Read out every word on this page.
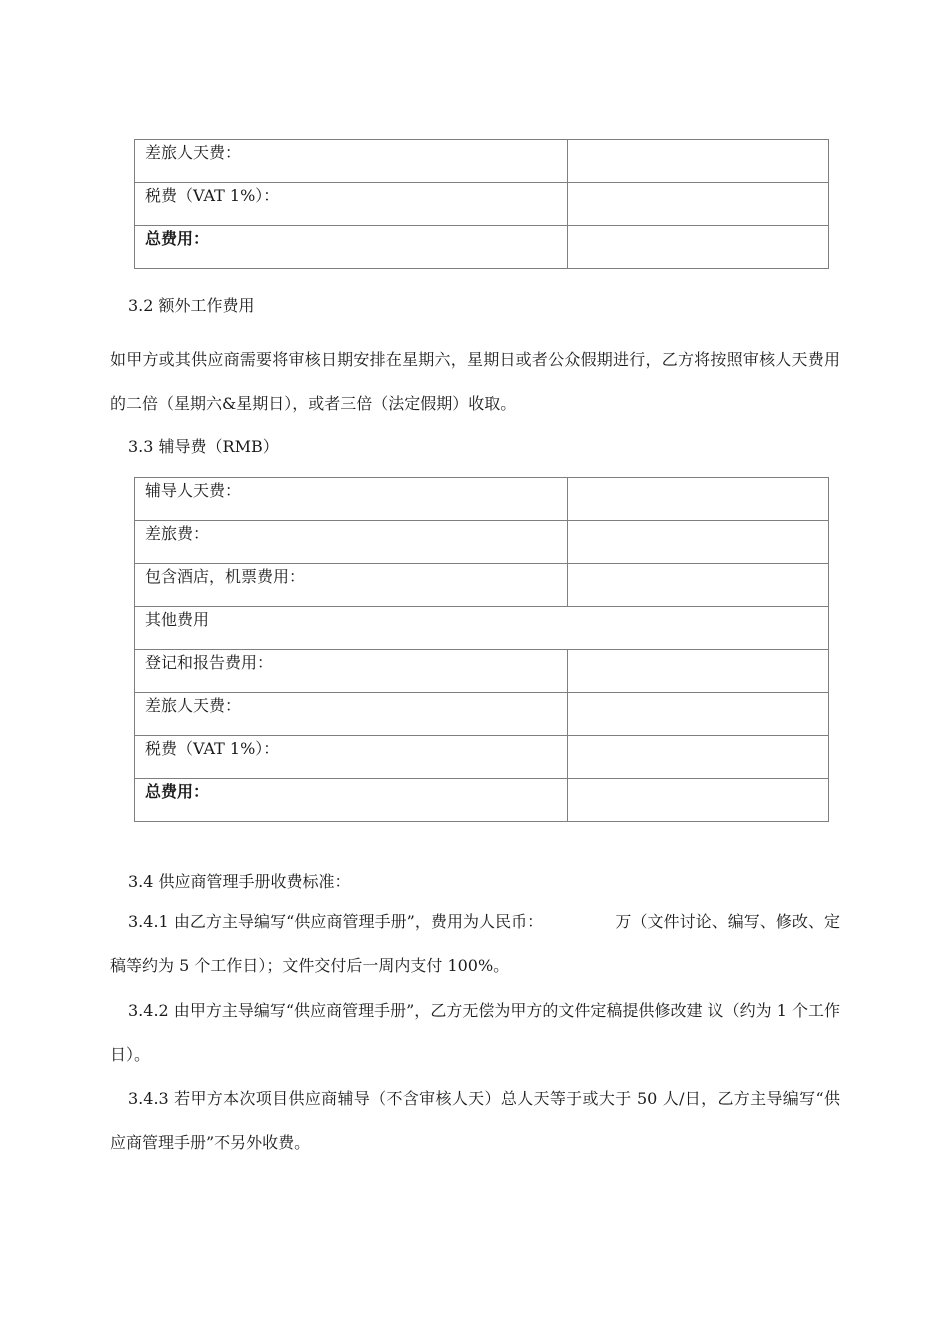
差旅人天费：	
税费（VAT 1%）：	
总费用：	
3.2 额外工作费用
如甲方或其供应商需要将审核日期安排在星期六，星期日或者公众假期进行，乙方将按照审核人天费用的二倍（星期六&星期日），或者三倍（法定假期）收取。
3.3 辅导费（RMB）
辅导人天费：	
差旅费：	
包含酒店，机票费用：	
其他费用	
登记和报告费用：	
差旅人天费：	
税费（VAT 1%）：	
总费用：	
3.4 供应商管理手册收费标准：
3.4.1 由乙方主导编写“供应商管理手册”，费用为人民币：　　　　　万（文件讨论、编写、修改、定稿等约为 5 个工作日）；文件交付后一周内支付 100%。
3.4.2 由甲方主导编写“供应商管理手册”，乙方无偿为甲方的文件定稿提供修改建 议（约为 1 个工作日）。
3.4.3 若甲方本次项目供应商辅导（不含审核人天）总人天等于或大于 50 人/日，乙方主导编写“供应商管理手册”不另外收费。
